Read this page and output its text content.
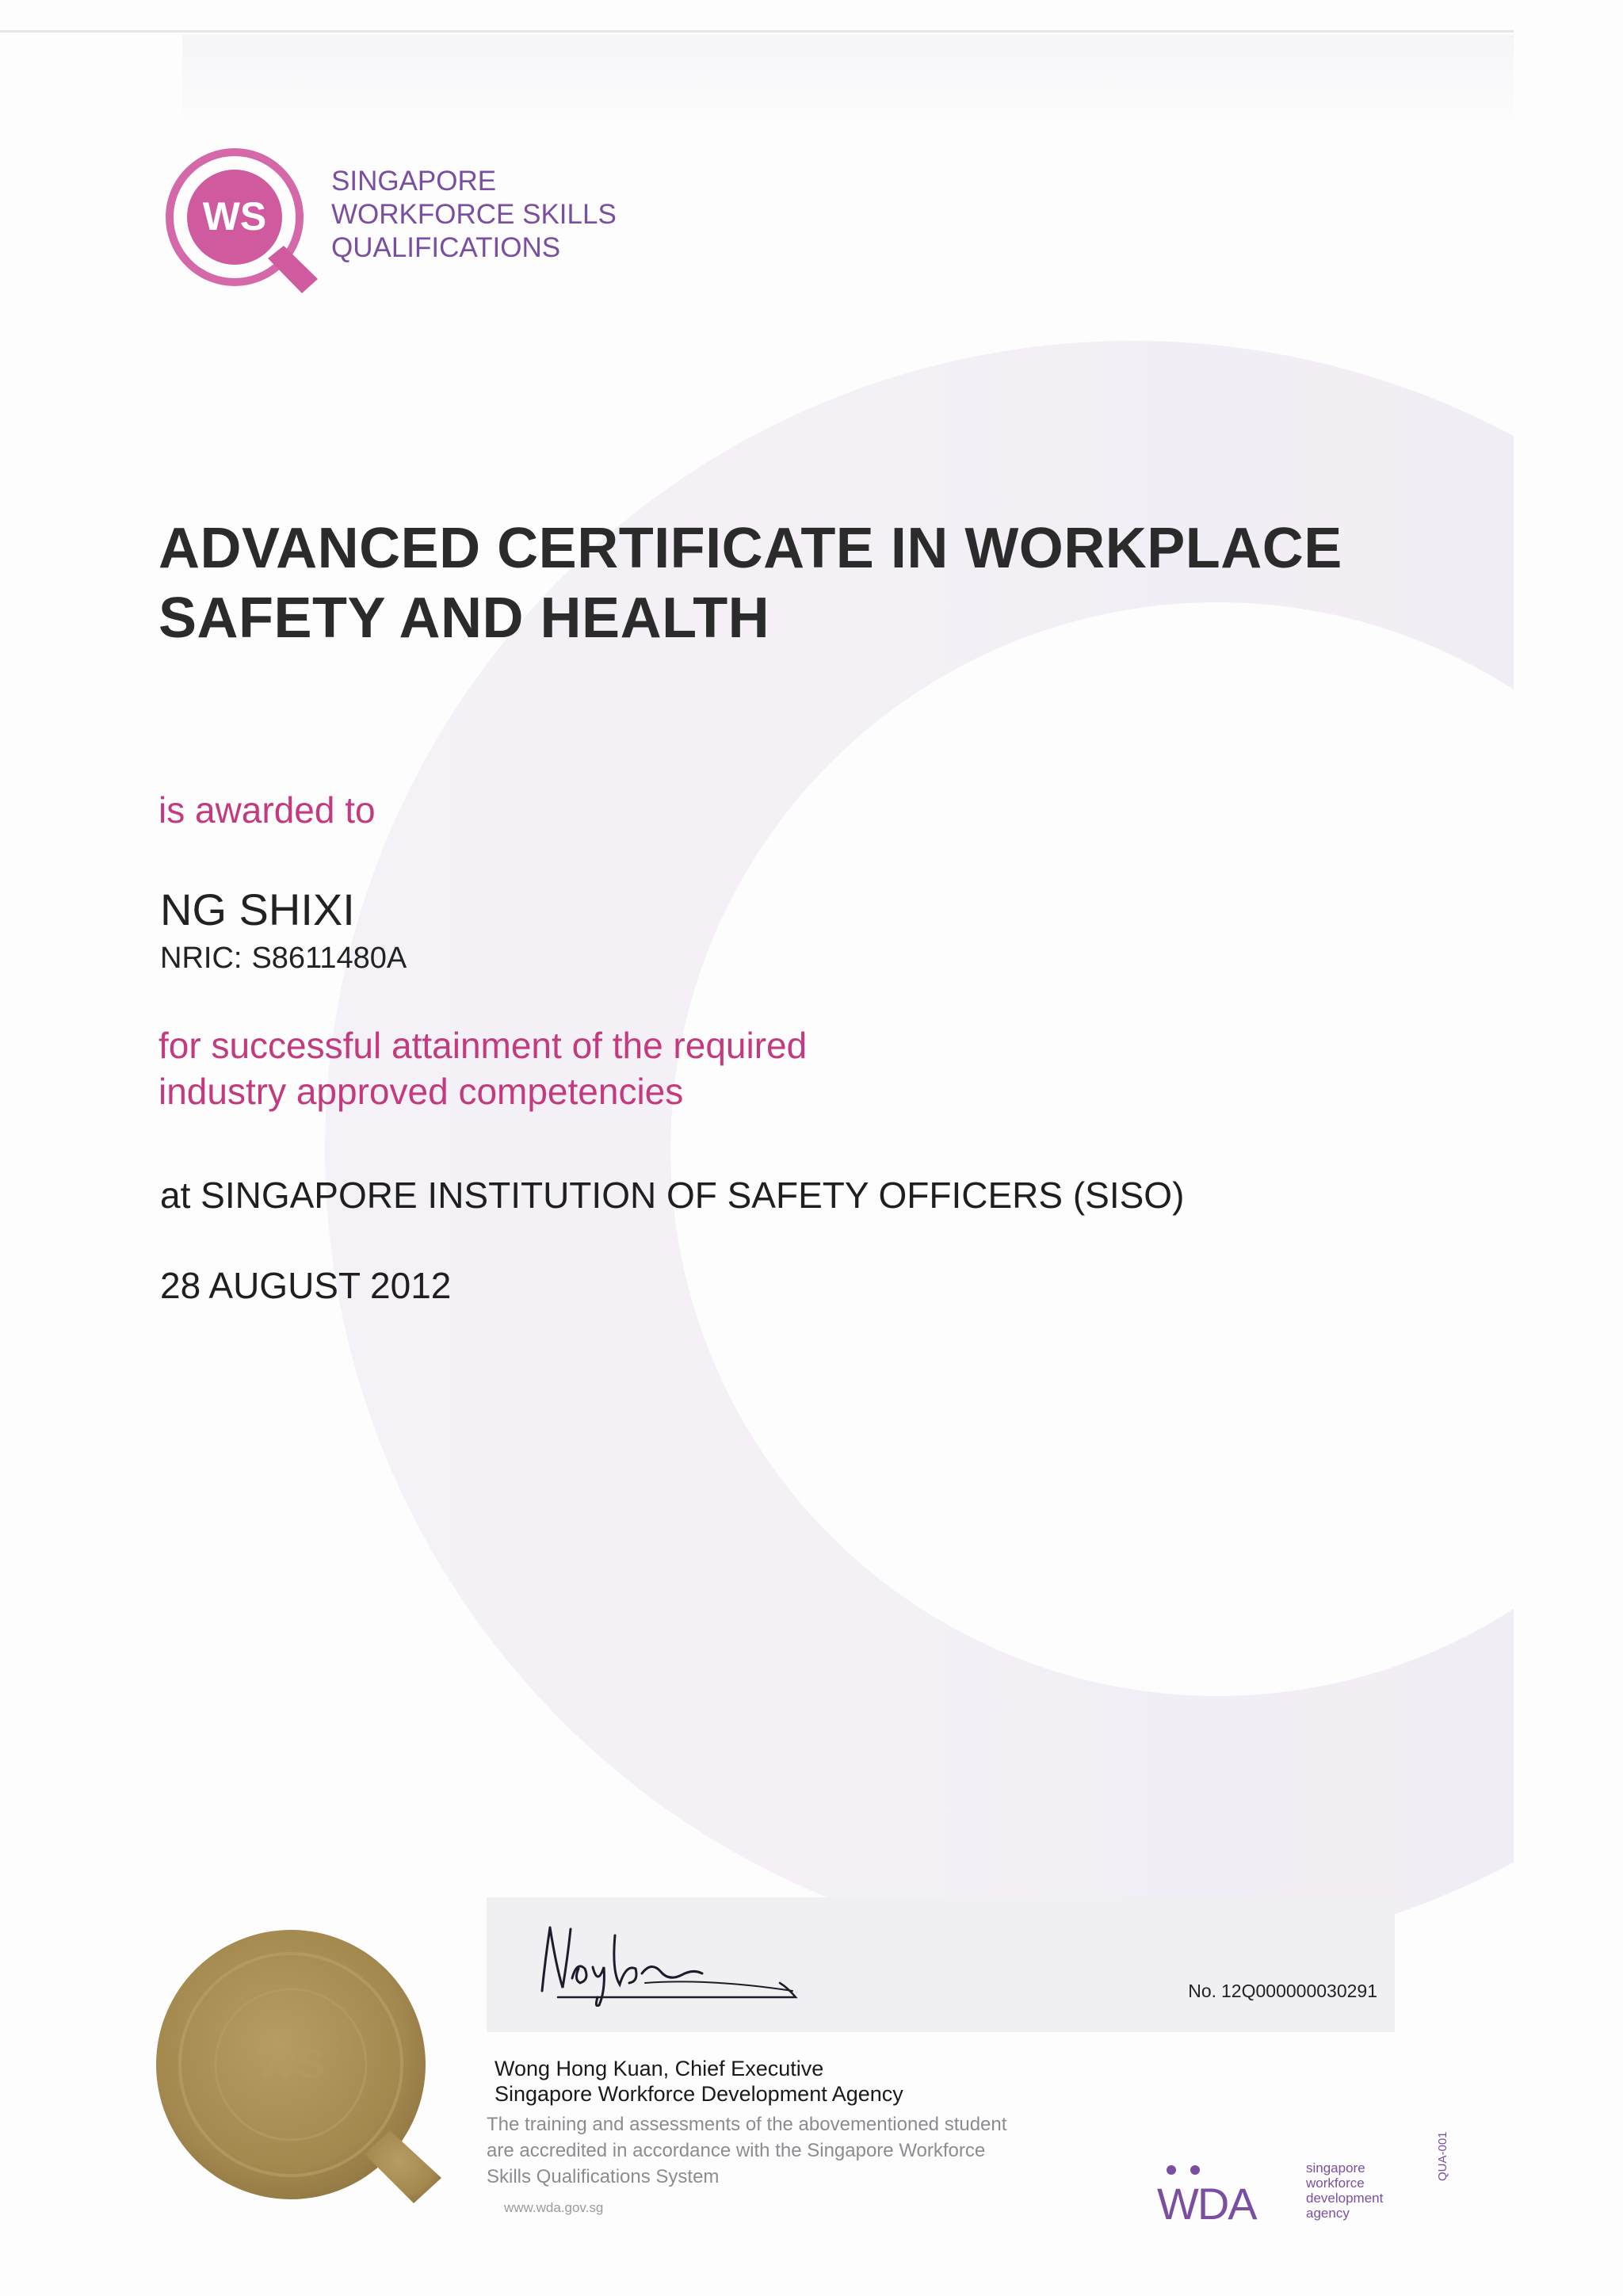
WS
SINGAPORE
WORKFORCE SKILLS
QUALIFICATIONS
ADVANCED CERTIFICATE IN WORKPLACE
SAFETY AND HEALTH
is awarded to
NG SHIXI
NRIC: S8611480A
for successful attainment of the required
industry approved competencies
at SINGAPORE INSTITUTION OF SAFETY OFFICERS (SISO)
28 AUGUST 2012
WS
No. 12Q000000030291
Wong Hong Kuan, Chief Executive
Singapore Workforce Development Agency
The training and assessments of the abovementioned student
are accredited in accordance with the Singapore Workforce
Skills Qualifications System
www.wda.gov.sg	WDA
singapore
workforce
development
agency
QUA-001
